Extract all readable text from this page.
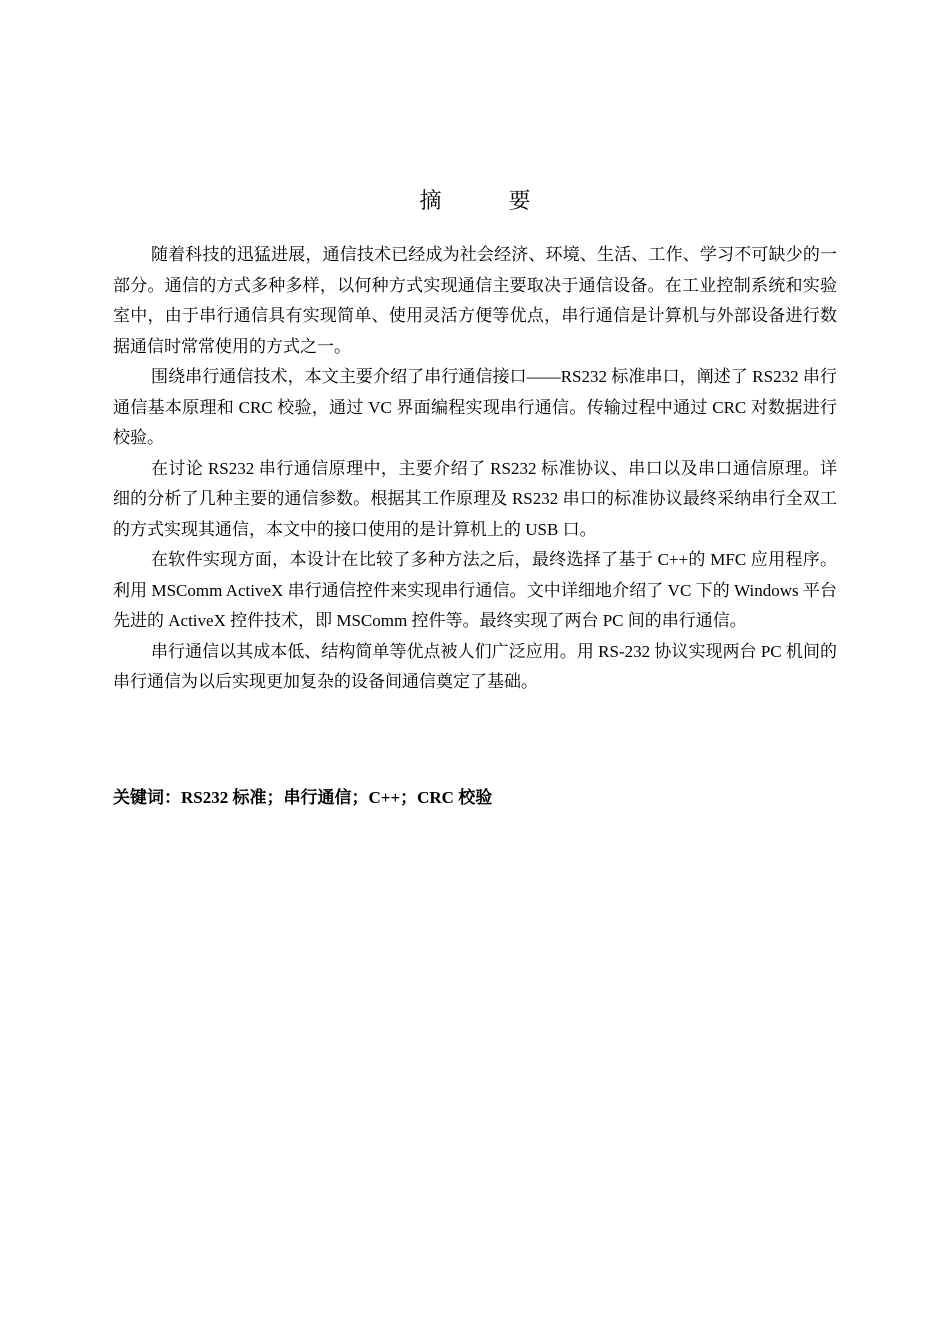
摘 要

随着科技的迅猛进展，通信技术已经成为社会经济、环境、生活、工作、学习不可缺少的一部分。通信的方式多种多样，以何种方式实现通信主要取决于通信设备。在工业控制系统和实验室中，由于串行通信具有实现简单、使用灵活方便等优点，串行通信是计算机与外部设备进行数据通信时常常使用的方式之一。

围绕串行通信技术，本文主要介绍了串行通信接口——RS232 标准串口，阐述了 RS232 串行通信基本原理和 CRC 校验，通过 VC 界面编程实现串行通信。传输过程中通过 CRC 对数据进行校验。

在讨论 RS232 串行通信原理中，主要介绍了 RS232 标准协议、串口以及串口通信原理。详细的分析了几种主要的通信参数。根据其工作原理及 RS232 串口的标准协议最终采纳串行全双工的方式实现其通信，本文中的接口使用的是计算机上的 USB 口。

在软件实现方面，本设计在比较了多种方法之后，最终选择了基于 C++的 MFC 应用程序。利用 MSComm ActiveX 串行通信控件来实现串行通信。文中详细地介绍了 VC 下的 Windows 平台先进的 ActiveX 控件技术，即 MSComm 控件等。最终实现了两台 PC 间的串行通信。

串行通信以其成本低、结构简单等优点被人们广泛应用。用 RS-232 协议实现两台 PC 机间的串行通信为以后实现更加复杂的设备间通信奠定了基础。

关键词：RS232 标准；串行通信；C++；CRC 校验
